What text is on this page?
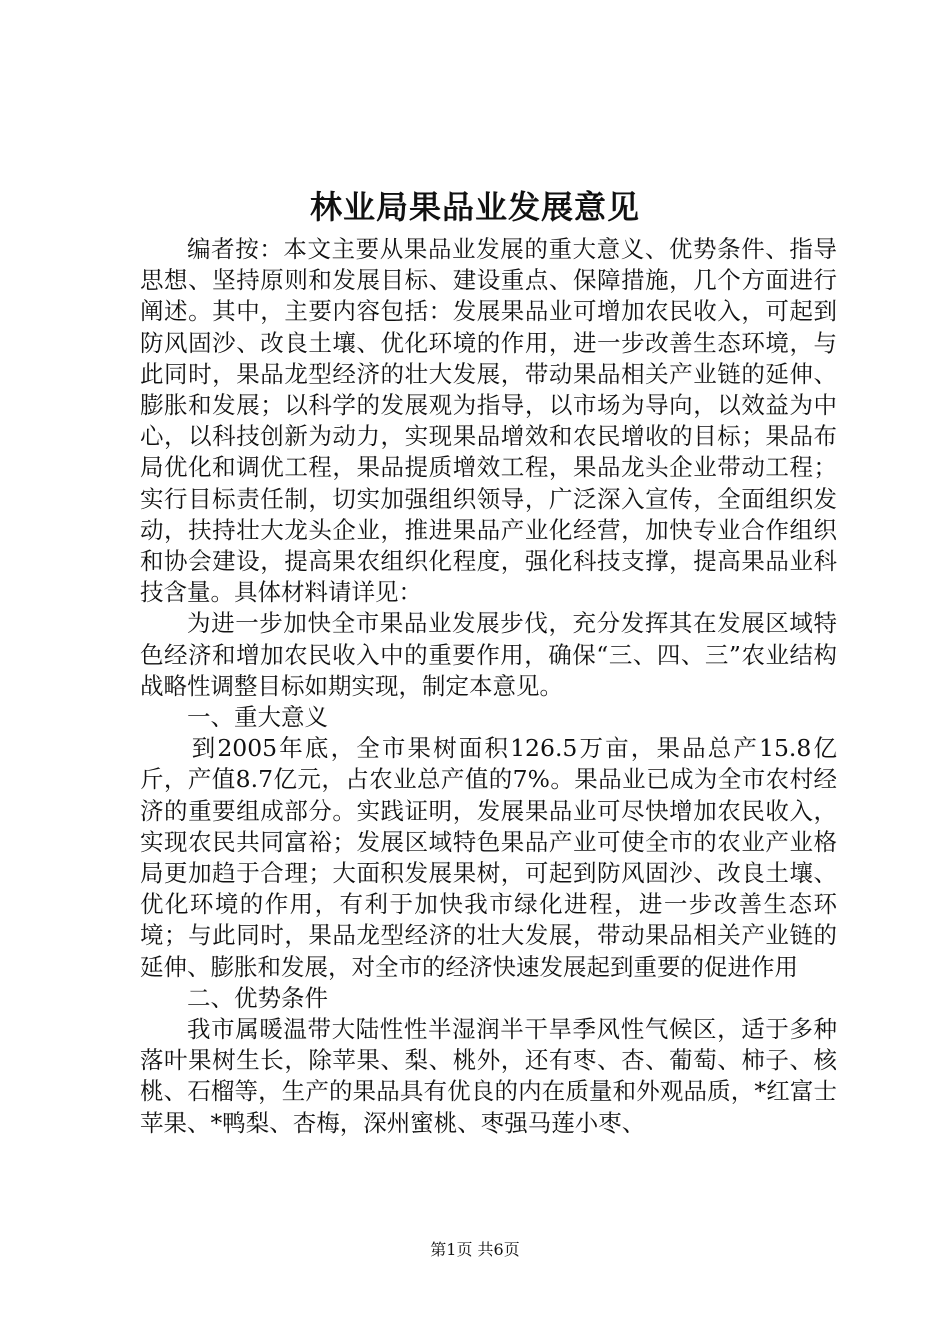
林业局果品业发展意见

编者按：本文主要从果品业发展的重大意义、优势条件、指导思想、坚持原则和发展目标、建设重点、保障措施，几个方面进行阐述。其中，主要内容包括：发展果品业可增加农民收入，可起到防风固沙、改良土壤、优化环境的作用，进一步改善生态环境，与此同时，果品龙型经济的壮大发展，带动果品相关产业链的延伸、膨胀和发展；以科学的发展观为指导，以市场为导向，以效益为中心，以科技创新为动力，实现果品增效和农民增收的目标；果品布局优化和调优工程，果品提质增效工程，果品龙头企业带动工程；实行目标责任制，切实加强组织领导，广泛深入宣传，全面组织发动，扶持壮大龙头企业，推进果品产业化经营，加快专业合作组织和协会建设，提高果农组织化程度，强化科技支撑，提高果品业科技含量。具体材料请详见：

为进一步加快全市果品业发展步伐，充分发挥其在发展区域特色经济和增加农民收入中的重要作用，确保“三、四、三”农业结构战略性调整目标如期实现，制定本意见。

一、重大意义

到2005年底，全市果树面积126.5万亩，果品总产15.8亿斤，产值8.7亿元，占农业总产值的7%。果品业已成为全市农村经济的重要组成部分。实践证明，发展果品业可尽快增加农民收入，实现农民共同富裕；发展区域特色果品产业可使全市的农业产业格局更加趋于合理；大面积发展果树，可起到防风固沙、改良土壤、优化环境的作用，有利于加快我市绿化进程，进一步改善生态环境；与此同时，果品龙型经济的壮大发展，带动果品相关产业链的延伸、膨胀和发展，对全市的经济快速发展起到重要的促进作用

二、优势条件

我市属暖温带大陆性性半湿润半干旱季风性气候区，适于多种落叶果树生长，除苹果、梨、桃外，还有枣、杏、葡萄、柿子、核桃、石榴等，生产的果品具有优良的内在质量和外观品质，*红富士苹果、*鸭梨、杏梅，深州蜜桃、枣强马莲小枣、

第1页 共6页
